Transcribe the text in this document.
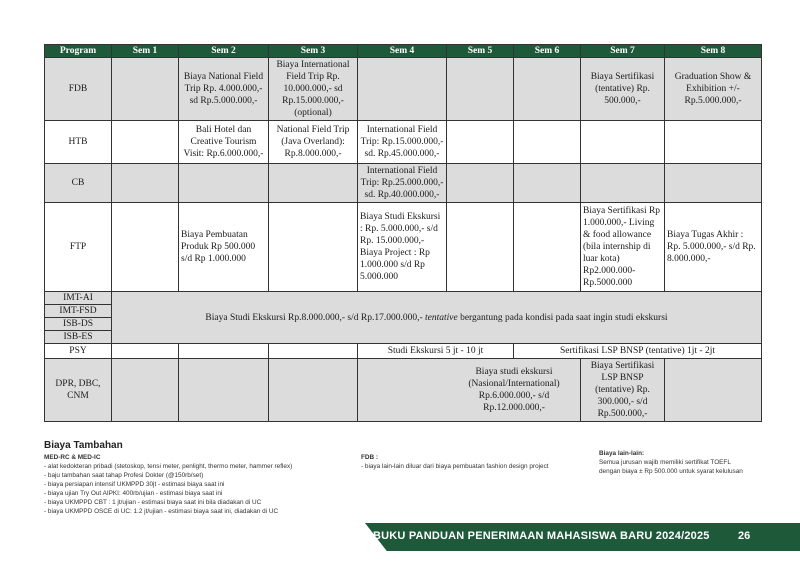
Program	Sem 1	Sem 2	Sem 3	Sem 4	Sem 5	Sem 6	Sem 7	Sem 8
FDB		Biaya National Field Trip Rp. 4.000.000,- sd Rp.5.000.000,-	Biaya International Field Trip Rp. 10.000.000,- sd Rp.15.000.000,- (optional)				Biaya Sertifikasi (tentative) Rp. 500.000,-	Graduation Show & Exhibition +/- Rp.5.000.000,-
HTB		Bali Hotel dan Creative Tourism Visit: Rp.6.000.000,-	National Field Trip (Java Overland): Rp.8.000.000,-	International Field Trip: Rp.15.000.000,- sd. Rp.45.000.000,-				
CB				International Field Trip: Rp.25.000.000,- sd. Rp.40.000.000,-				
FTP		Biaya Pembuatan Produk Rp 500.000 s/d Rp 1.000.000		Biaya Studi Ekskursi : Rp. 5.000.000,- s/d Rp. 15.000.000,- Biaya Project : Rp 1.000.000 s/d Rp 5.000.000			Biaya Sertifikasi Rp 1.000.000,- Living & food allowance (bila internship di luar kota) Rp2.000.000- Rp.5000.000	Biaya Tugas Akhir : Rp. 5.000.000,- s/d Rp. 8.000.000,-
IMT-AI	Biaya Studi Ekskursi Rp.8.000.000,- s/d Rp.17.000.000,- tentative bergantung pada kondisi pada saat ingin studi ekskursi							
IMT-FSD								
ISB-DS								
ISB-ES								
PSY				Studi Ekskursi 5 jt - 10 jt		Sertifikasi LSP BNSP (tentative) 1jt - 2jt		
DPR, DBC, CNM				Biaya studi ekskursi (Nasional/International) Rp.6.000.000,- s/d Rp.12.000.000,-			Biaya Sertifikasi LSP BNSP (tentative) Rp. 300.000,- s/d Rp.500.000,-	
Biaya Tambahan
MED-RC & MED-IC
- alat kedokteran pribadi (stetoskop, tensi meter, penlight, thermo meter, hammer reflex)
- baju tambahan saat tahap Profesi Dokter (@150rb/set)
- biaya persiapan intensif UKMPPD 30jt - estimasi biaya saat ini
- biaya ujian Try Out AIPKI: 400rb/ujian - estimasi biaya saat ini
- biaya UKMPPD CBT : 1 jt/ujian - estimasi biaya saat ini bila diadakan di UC
- biaya UKMPPD OSCE di UC: 1.2 jt/ujian - estimasi biaya saat ini, diadakan di UC
FDB :
- biaya lain-lain diluar dari biaya pembuatan fashion design project
Biaya lain-lain:
Semua jurusan wajib memiliki sertifikat TOEFL
dengan biaya ± Rp 500.000 untuk syarat kelulusan
BUKU PANDUAN PENERIMAAN MAHASISWA BARU 2024/2025	26
